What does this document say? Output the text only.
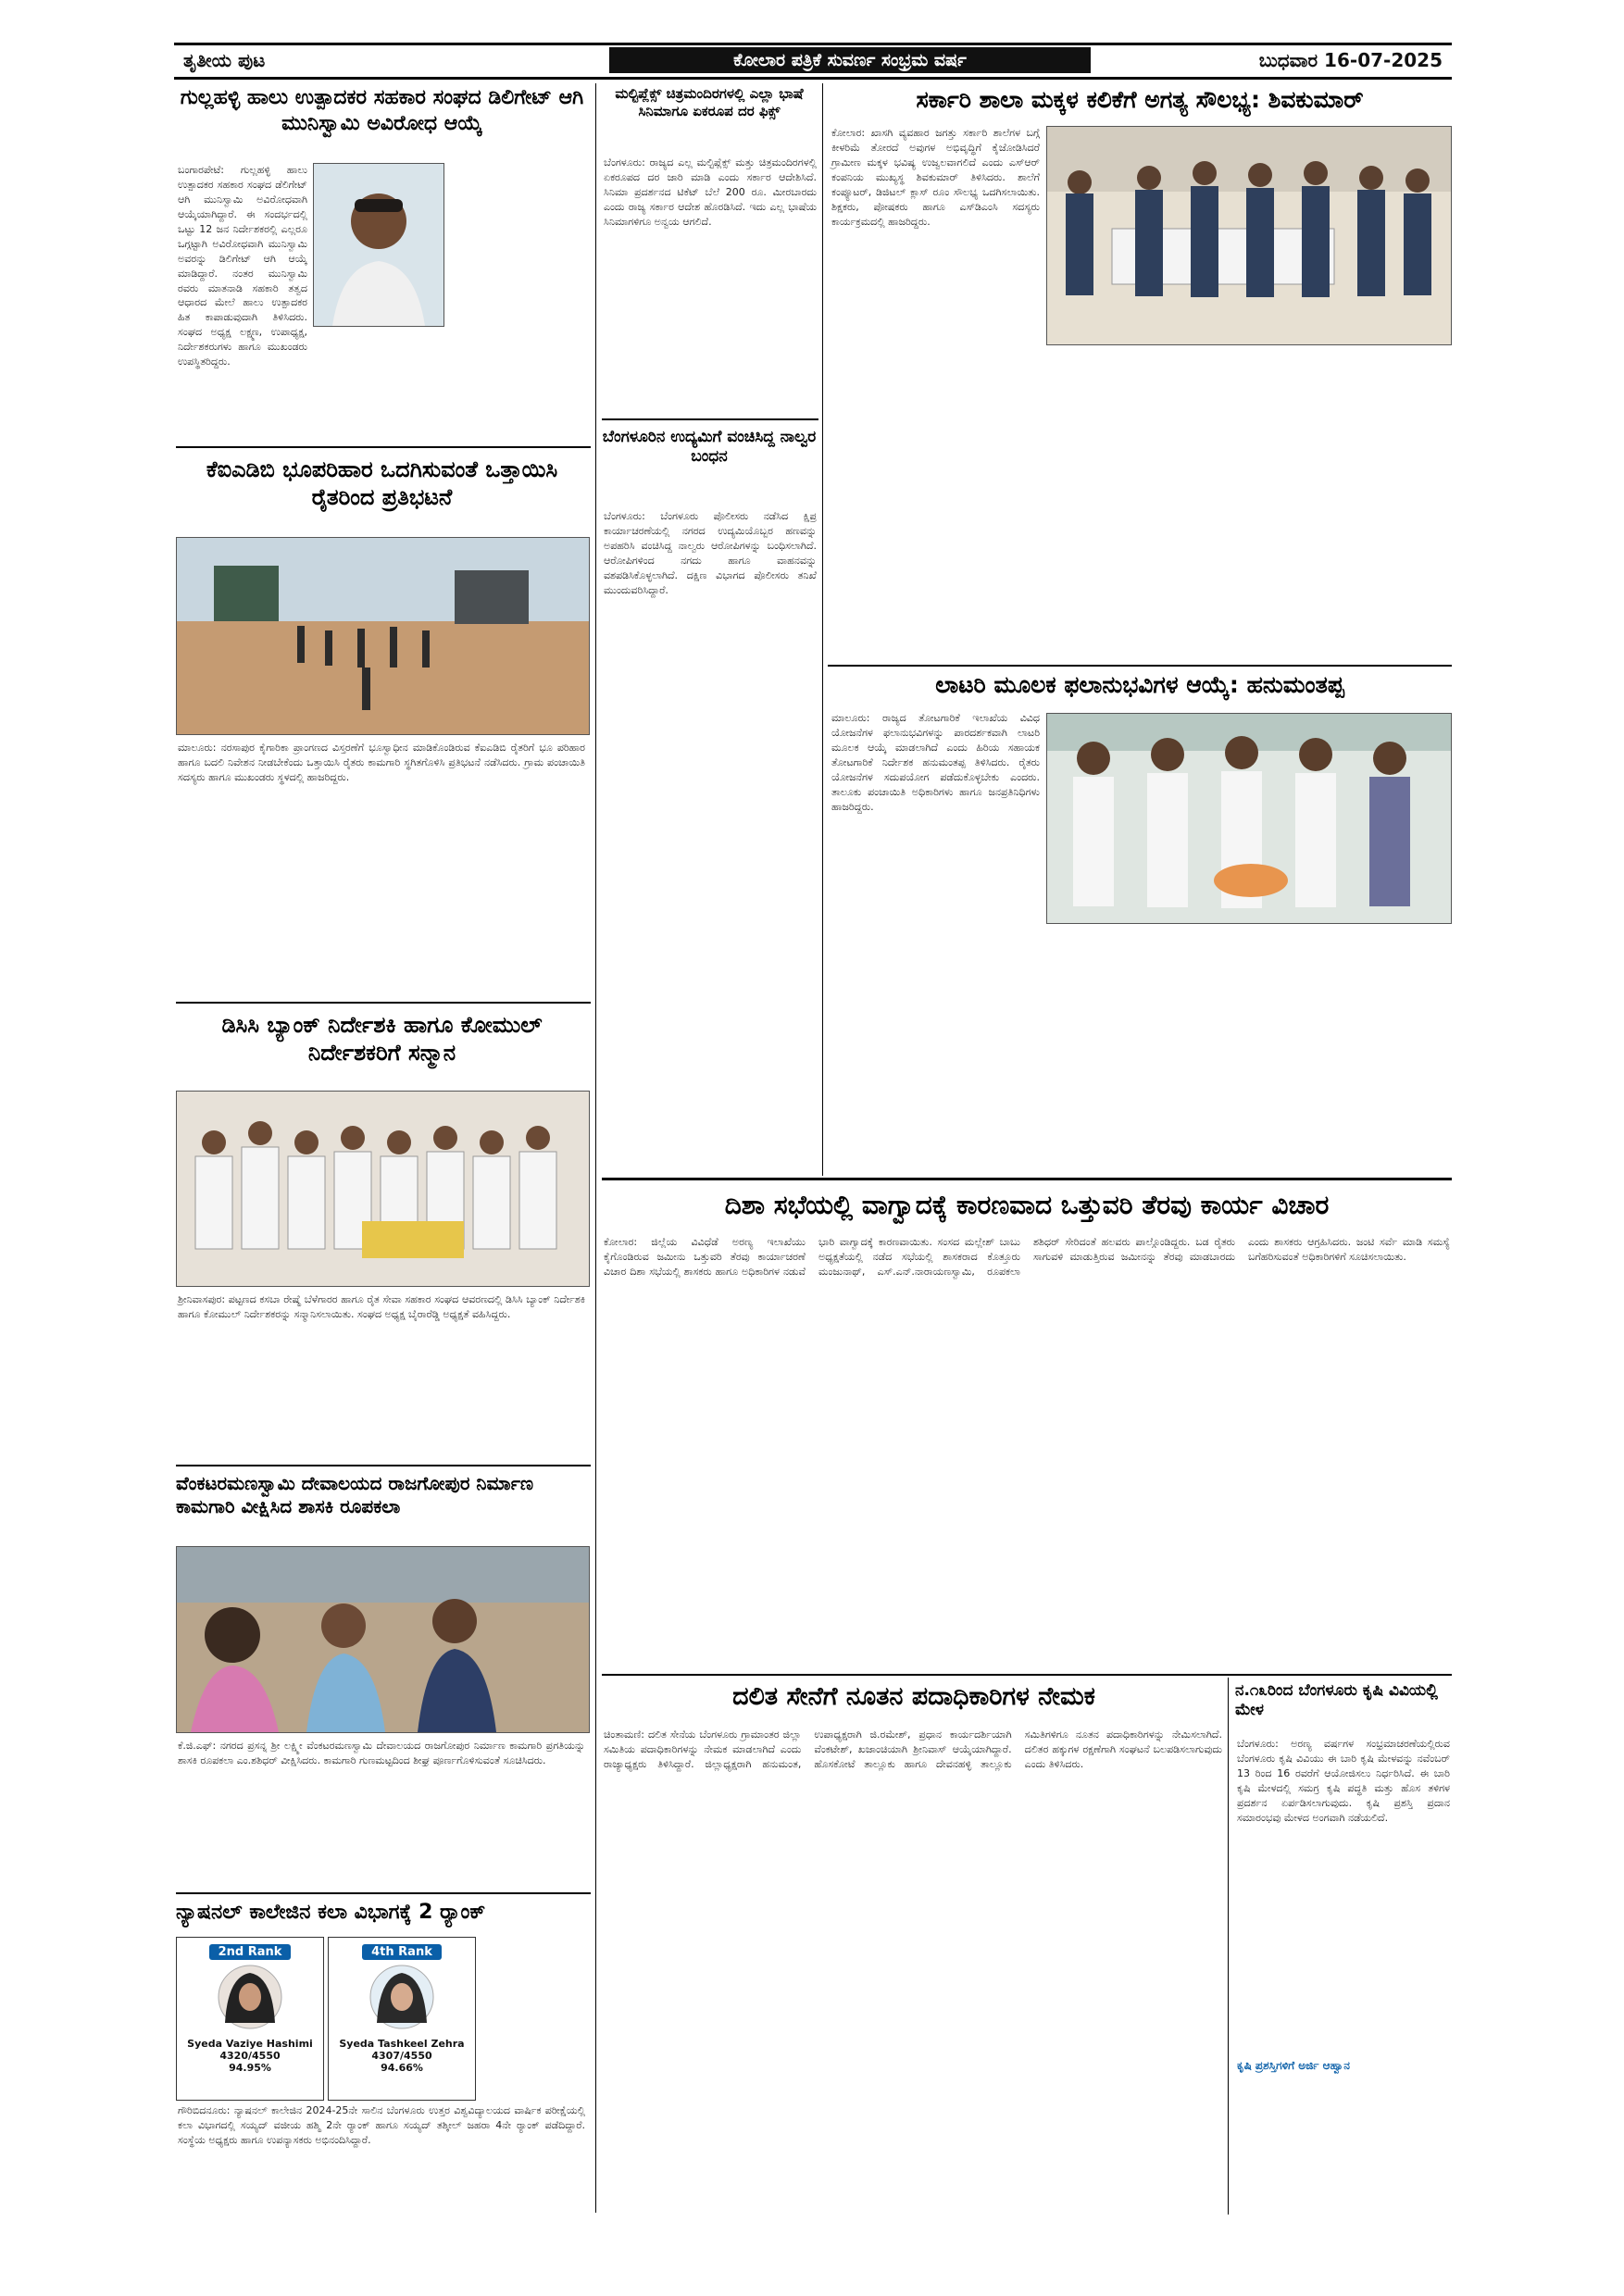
ತೃತೀಯ ಪುಟ	ಕೋಲಾರ ಪತ್ರಿಕೆ ಸುವರ್ಣ ಸಂಭ್ರಮ ವರ್ಷ	ಬುಧವಾರ 16-07-2025
ಗುಲ್ಲಹಳ್ಳಿ ಹಾಲು ಉತ್ಪಾದಕರ ಸಹಕಾರ ಸಂಘದ ಡಿಲಿಗೇಟ್ ಆಗಿ ಮುನಿಸ್ವಾಮಿ ಅವಿರೋಧ ಆಯ್ಕೆ
ಬಂಗಾರಪೇಟೆ: ಗುಲ್ಲಹಳ್ಳಿ ಹಾಲು ಉತ್ಪಾದಕರ ಸಹಕಾರ ಸಂಘದ ಡೆಲಿಗೇಟ್ ಆಗಿ ಮುನಿಸ್ವಾಮಿ ಅವಿರೋಧವಾಗಿ ಆಯ್ಕೆಯಾಗಿದ್ದಾರೆ. ಈ ಸಂದರ್ಭದಲ್ಲಿ ಒಟ್ಟು 12 ಜನ ನಿರ್ದೇಶಕರಲ್ಲಿ ಎಲ್ಲರೂ ಒಗ್ಗಟ್ಟಾಗಿ ಅವಿರೋಧವಾಗಿ ಮುನಿಸ್ವಾಮಿ ಅವರನ್ನು ಡಿಲಿಗೇಟ್ ಆಗಿ ಆಯ್ಕೆ ಮಾಡಿದ್ದಾರೆ. ನಂತರ ಮುನಿಸ್ವಾಮಿ ರವರು ಮಾತನಾಡಿ ಸಹಕಾರಿ ತತ್ವದ ಆಧಾರದ ಮೇಲೆ ಹಾಲು ಉತ್ಪಾದಕರ ಹಿತ ಕಾಪಾಡುವುದಾಗಿ ತಿಳಿಸಿದರು. ಸಂಘದ ಅಧ್ಯಕ್ಷ ಲಕ್ಷ್ಮಣ, ಉಪಾಧ್ಯಕ್ಷ, ನಿರ್ದೇಶಕರುಗಳು ಹಾಗೂ ಮುಖಂಡರು ಉಪಸ್ಥಿತರಿದ್ದರು.
ಕೆಐಎಡಿಬಿ ಭೂಪರಿಹಾರ ಒದಗಿಸುವಂತೆ ಒತ್ತಾಯಿಸಿ ರೈತರಿಂದ ಪ್ರತಿಭಟನೆ
ಮಾಲೂರು: ನರಸಾಪುರ ಕೈಗಾರಿಕಾ ಪ್ರಾಂಗಣದ ವಿಸ್ತರಣೆಗೆ ಭೂಸ್ವಾಧೀನ ಮಾಡಿಕೊಂಡಿರುವ ಕೆಐಎಡಿಬಿ ರೈತರಿಗೆ ಭೂ ಪರಿಹಾರ ಹಾಗೂ ಬದಲಿ ನಿವೇಶನ ನೀಡಬೇಕೆಂದು ಒತ್ತಾಯಿಸಿ ರೈತರು ಕಾಮಗಾರಿ ಸ್ಥಗಿತಗೊಳಿಸಿ ಪ್ರತಿಭಟನೆ ನಡೆಸಿದರು. ಗ್ರಾಮ ಪಂಚಾಯಿತಿ ಸದಸ್ಯರು ಹಾಗೂ ಮುಖಂಡರು ಸ್ಥಳದಲ್ಲಿ ಹಾಜರಿದ್ದರು.
ಡಿಸಿಸಿ ಬ್ಯಾಂಕ್ ನಿರ್ದೇಶಕಿ ಹಾಗೂ ಕೋಮುಲ್ ನಿರ್ದೇಶಕರಿಗೆ ಸನ್ಮಾನ
ಶ್ರೀನಿವಾಸಪುರ: ಪಟ್ಟಣದ ಕಸಬಾ ರೇಷ್ಮೆ ಬೆಳೆಗಾರರ ಹಾಗೂ ರೈತ ಸೇವಾ ಸಹಕಾರ ಸಂಘದ ಆವರಣದಲ್ಲಿ ಡಿಸಿಸಿ ಬ್ಯಾಂಕ್ ನಿರ್ದೇಶಕಿ ಹಾಗೂ ಕೋಮುಲ್ ನಿರ್ದೇಶಕರನ್ನು ಸನ್ಮಾನಿಸಲಾಯಿತು. ಸಂಘದ ಅಧ್ಯಕ್ಷ ಬೈರಾರೆಡ್ಡಿ ಅಧ್ಯಕ್ಷತೆ ವಹಿಸಿದ್ದರು.
ವೆಂಕಟರಮಣಸ್ವಾಮಿ ದೇವಾಲಯದ ರಾಜಗೋಪುರ ನಿರ್ಮಾಣ ಕಾಮಗಾರಿ ವೀಕ್ಷಿಸಿದ ಶಾಸಕಿ ರೂಪಕಲಾ
ಕೆ.ಜಿ.ಎಫ್: ನಗರದ ಪ್ರಸನ್ನ ಶ್ರೀ ಲಕ್ಷ್ಮೀ ವೆಂಕಟರಮಣಸ್ವಾಮಿ ದೇವಾಲಯದ ರಾಜಗೋಪುರ ನಿರ್ಮಾಣ ಕಾಮಗಾರಿ ಪ್ರಗತಿಯನ್ನು ಶಾಸಕಿ ರೂಪಕಲಾ ಎಂ.ಶಶಿಧರ್ ವೀಕ್ಷಿಸಿದರು. ಕಾಮಗಾರಿ ಗುಣಮಟ್ಟದಿಂದ ಶೀಘ್ರ ಪೂರ್ಣಗೊಳಿಸುವಂತೆ ಸೂಚಿಸಿದರು.
ನ್ಯಾಷನಲ್ ಕಾಲೇಜಿನ ಕಲಾ ವಿಭಾಗಕ್ಕೆ 2 ರ್‍ಯಾಂಕ್
2nd Rank
Syeda Vaziye Hashimi
4320/4550
94.95%
4th Rank
Syeda Tashkeel Zehra
4307/4550
94.66%
ಗೌರಿಬಿದನೂರು: ನ್ಯಾಷನಲ್ ಕಾಲೇಜಿನ 2024-25ನೇ ಸಾಲಿನ ಬೆಂಗಳೂರು ಉತ್ತರ ವಿಶ್ವವಿದ್ಯಾಲಯದ ವಾರ್ಷಿಕ ಪರೀಕ್ಷೆಯಲ್ಲಿ ಕಲಾ ವಿಭಾಗದಲ್ಲಿ ಸಯ್ಯದ್ ವಜೀಯ ಹಶ್ಮಿ 2ನೇ ರ್‍ಯಾಂಕ್ ಹಾಗೂ ಸಯ್ಯದ್ ತಶ್ಕೀಲ್ ಜಹರಾ 4ನೇ ರ್‍ಯಾಂಕ್ ಪಡೆದಿದ್ದಾರೆ. ಸಂಸ್ಥೆಯ ಅಧ್ಯಕ್ಷರು ಹಾಗೂ ಉಪನ್ಯಾಸಕರು ಅಭಿನಂದಿಸಿದ್ದಾರೆ.
ಮಲ್ಟಿಪ್ಲೆಕ್ಸ್ ಚಿತ್ರಮಂದಿರಗಳಲ್ಲಿ ಎಲ್ಲಾ ಭಾಷೆ ಸಿನಿಮಾಗೂ ಏಕರೂಪ ದರ ಫಿಕ್ಸ್
ಬೆಂಗಳೂರು: ರಾಜ್ಯದ ಎಲ್ಲ ಮಲ್ಟಿಪ್ಲೆಕ್ಸ್ ಮತ್ತು ಚಿತ್ರಮಂದಿರಗಳಲ್ಲಿ ಏಕರೂಪದ ದರ ಜಾರಿ ಮಾಡಿ ಎಂದು ಸರ್ಕಾರ ಆದೇಶಿಸಿದೆ. ಸಿನಿಮಾ ಪ್ರದರ್ಶನದ ಟಿಕೆಟ್ ಬೆಲೆ 200 ರೂ. ಮೀರಬಾರದು ಎಂದು ರಾಜ್ಯ ಸರ್ಕಾರ ಆದೇಶ ಹೊರಡಿಸಿದೆ. ಇದು ಎಲ್ಲ ಭಾಷೆಯ ಸಿನಿಮಾಗಳಿಗೂ ಅನ್ವಯ ಆಗಲಿದೆ.
ಬೆಂಗಳೂರಿನ ಉದ್ಯಮಿಗೆ ವಂಚಿಸಿದ್ದ ನಾಲ್ವರ ಬಂಧನ
ಬೆಂಗಳೂರು: ಬೆಂಗಳೂರು ಪೊಲೀಸರು ನಡೆಸಿದ ಕ್ಷಿಪ್ರ ಕಾರ್ಯಾಚರಣೆಯಲ್ಲಿ ನಗರದ ಉದ್ಯಮಿಯೊಬ್ಬರ ಹಣವನ್ನು ಅಪಹರಿಸಿ ವಂಚಿಸಿದ್ದ ನಾಲ್ವರು ಆರೋಪಿಗಳನ್ನು ಬಂಧಿಸಲಾಗಿದೆ. ಆರೋಪಿಗಳಿಂದ ನಗದು ಹಾಗೂ ವಾಹನವನ್ನು ವಶಪಡಿಸಿಕೊಳ್ಳಲಾಗಿದೆ. ದಕ್ಷಿಣ ವಿಭಾಗದ ಪೊಲೀಸರು ತನಿಖೆ ಮುಂದುವರಿಸಿದ್ದಾರೆ.
ಸರ್ಕಾರಿ ಶಾಲಾ ಮಕ್ಕಳ ಕಲಿಕೆಗೆ ಅಗತ್ಯ ಸೌಲಭ್ಯ: ಶಿವಕುಮಾರ್
ಕೋಲಾರ: ಖಾಸಗಿ ವ್ಯವಹಾರ ಜಗತ್ತು ಸರ್ಕಾರಿ ಶಾಲೆಗಳ ಬಗ್ಗೆ ಕೀಳರಿಮೆ ತೋರದೆ ಅವುಗಳ ಅಭಿವೃದ್ಧಿಗೆ ಕೈಜೋಡಿಸಿದರೆ ಗ್ರಾಮೀಣ ಮಕ್ಕಳ ಭವಿಷ್ಯ ಉಜ್ವಲವಾಗಲಿದೆ ಎಂದು ಎಸ್‌ಆರ್ ಕಂಪನಿಯ ಮುಖ್ಯಸ್ಥ ಶಿವಕುಮಾರ್ ತಿಳಿಸಿದರು. ಶಾಲೆಗೆ ಕಂಪ್ಯೂಟರ್, ಡಿಜಿಟಲ್ ಕ್ಲಾಸ್ ರೂಂ ಸೌಲಭ್ಯ ಒದಗಿಸಲಾಯಿತು. ಶಿಕ್ಷಕರು, ಪೋಷಕರು ಹಾಗೂ ಎಸ್‌ಡಿಎಂಸಿ ಸದಸ್ಯರು ಕಾರ್ಯಕ್ರಮದಲ್ಲಿ ಹಾಜರಿದ್ದರು.
ಲಾಟರಿ ಮೂಲಕ ಫಲಾನುಭವಿಗಳ ಆಯ್ಕೆ: ಹನುಮಂತಪ್ಪ
ಮಾಲೂರು: ರಾಜ್ಯದ ತೋಟಗಾರಿಕೆ ಇಲಾಖೆಯ ವಿವಿಧ ಯೋಜನೆಗಳ ಫಲಾನುಭವಿಗಳನ್ನು ಪಾರದರ್ಶಕವಾಗಿ ಲಾಟರಿ ಮೂಲಕ ಆಯ್ಕೆ ಮಾಡಲಾಗಿದೆ ಎಂದು ಹಿರಿಯ ಸಹಾಯಕ ತೋಟಗಾರಿಕೆ ನಿರ್ದೇಶಕ ಹನುಮಂತಪ್ಪ ತಿಳಿಸಿದರು. ರೈತರು ಯೋಜನೆಗಳ ಸದುಪಯೋಗ ಪಡೆದುಕೊಳ್ಳಬೇಕು ಎಂದರು. ತಾಲೂಕು ಪಂಚಾಯಿತಿ ಅಧಿಕಾರಿಗಳು ಹಾಗೂ ಜನಪ್ರತಿನಿಧಿಗಳು ಹಾಜರಿದ್ದರು.
ದಿಶಾ ಸಭೆಯಲ್ಲಿ ವಾಗ್ವಾದಕ್ಕೆ ಕಾರಣವಾದ ಒತ್ತುವರಿ ತೆರವು ಕಾರ್ಯ ವಿಚಾರ
ಕೋಲಾರ: ಜಿಲ್ಲೆಯ ವಿವಿಧೆಡೆ ಅರಣ್ಯ ಇಲಾಖೆಯು ಕೈಗೊಂಡಿರುವ ಜಮೀನು ಒತ್ತುವರಿ ತೆರವು ಕಾರ್ಯಾಚರಣೆ ವಿಚಾರ ದಿಶಾ ಸಭೆಯಲ್ಲಿ ಶಾಸಕರು ಹಾಗೂ ಅಧಿಕಾರಿಗಳ ನಡುವೆ ಭಾರಿ ವಾಗ್ವಾದಕ್ಕೆ ಕಾರಣವಾಯಿತು. ಸಂಸದ ಮಲ್ಲೇಶ್ ಬಾಬು ಅಧ್ಯಕ್ಷತೆಯಲ್ಲಿ ನಡೆದ ಸಭೆಯಲ್ಲಿ ಶಾಸಕರಾದ ಕೊತ್ತೂರು ಮಂಜುನಾಥ್, ಎಸ್.ಎನ್.ನಾರಾಯಣಸ್ವಾಮಿ, ರೂಪಕಲಾ ಶಶಿಧರ್ ಸೇರಿದಂತೆ ಹಲವರು ಪಾಲ್ಗೊಂಡಿದ್ದರು. ಬಡ ರೈತರು ಸಾಗುವಳಿ ಮಾಡುತ್ತಿರುವ ಜಮೀನನ್ನು ತೆರವು ಮಾಡಬಾರದು ಎಂದು ಶಾಸಕರು ಆಗ್ರಹಿಸಿದರು. ಜಂಟಿ ಸರ್ವೆ ಮಾಡಿ ಸಮಸ್ಯೆ ಬಗೆಹರಿಸುವಂತೆ ಅಧಿಕಾರಿಗಳಿಗೆ ಸೂಚಿಸಲಾಯಿತು.
ದಲಿತ ಸೇನೆಗೆ ನೂತನ ಪದಾಧಿಕಾರಿಗಳ ನೇಮಕ
ಚಿಂತಾಮಣಿ: ದಲಿತ ಸೇನೆಯ ಬೆಂಗಳೂರು ಗ್ರಾಮಾಂತರ ಜಿಲ್ಲಾ ಸಮಿತಿಯ ಪದಾಧಿಕಾರಿಗಳನ್ನು ನೇಮಕ ಮಾಡಲಾಗಿದೆ ಎಂದು ರಾಜ್ಯಾಧ್ಯಕ್ಷರು ತಿಳಿಸಿದ್ದಾರೆ. ಜಿಲ್ಲಾಧ್ಯಕ್ಷರಾಗಿ ಹನುಮಂತ, ಉಪಾಧ್ಯಕ್ಷರಾಗಿ ಜಿ.ರಮೇಶ್, ಪ್ರಧಾನ ಕಾರ್ಯದರ್ಶಿಯಾಗಿ ವೆಂಕಟೇಶ್, ಖಜಾಂಚಿಯಾಗಿ ಶ್ರೀನಿವಾಸ್ ಆಯ್ಕೆಯಾಗಿದ್ದಾರೆ. ಹೊಸಕೋಟೆ ತಾಲ್ಲೂಕು ಹಾಗೂ ದೇವನಹಳ್ಳಿ ತಾಲ್ಲೂಕು ಸಮಿತಿಗಳಿಗೂ ನೂತನ ಪದಾಧಿಕಾರಿಗಳನ್ನು ನೇಮಿಸಲಾಗಿದೆ. ದಲಿತರ ಹಕ್ಕುಗಳ ರಕ್ಷಣೆಗಾಗಿ ಸಂಘಟನೆ ಬಲಪಡಿಸಲಾಗುವುದು ಎಂದು ತಿಳಿಸಿದರು.
ನ.೧೩ರಿಂದ ಬೆಂಗಳೂರು ಕೃಷಿ ವಿವಿಯಲ್ಲಿ ಮೇಳ
ಬೆಂಗಳೂರು: ಅರಣ್ಯ ವರ್ಷಗಳ ಸಂಭ್ರಮಾಚರಣೆಯಲ್ಲಿರುವ ಬೆಂಗಳೂರು ಕೃಷಿ ವಿವಿಯು ಈ ಬಾರಿ ಕೃಷಿ ಮೇಳವನ್ನು ನವೆಂಬರ್ 13 ರಿಂದ 16 ರವರೆಗೆ ಆಯೋಜಿಸಲು ನಿರ್ಧರಿಸಿದೆ. ಈ ಬಾರಿ ಕೃಷಿ ಮೇಳದಲ್ಲಿ ಸಮಗ್ರ ಕೃಷಿ ಪದ್ಧತಿ ಮತ್ತು ಹೊಸ ತಳಿಗಳ ಪ್ರದರ್ಶನ ಏರ್ಪಡಿಸಲಾಗುವುದು. ಕೃಷಿ ಪ್ರಶಸ್ತಿ ಪ್ರದಾನ ಸಮಾರಂಭವು ಮೇಳದ ಅಂಗವಾಗಿ ನಡೆಯಲಿದೆ.
ಕೃಷಿ ಪ್ರಶಸ್ತಿಗಳಿಗೆ ಅರ್ಜಿ ಆಹ್ವಾನ
